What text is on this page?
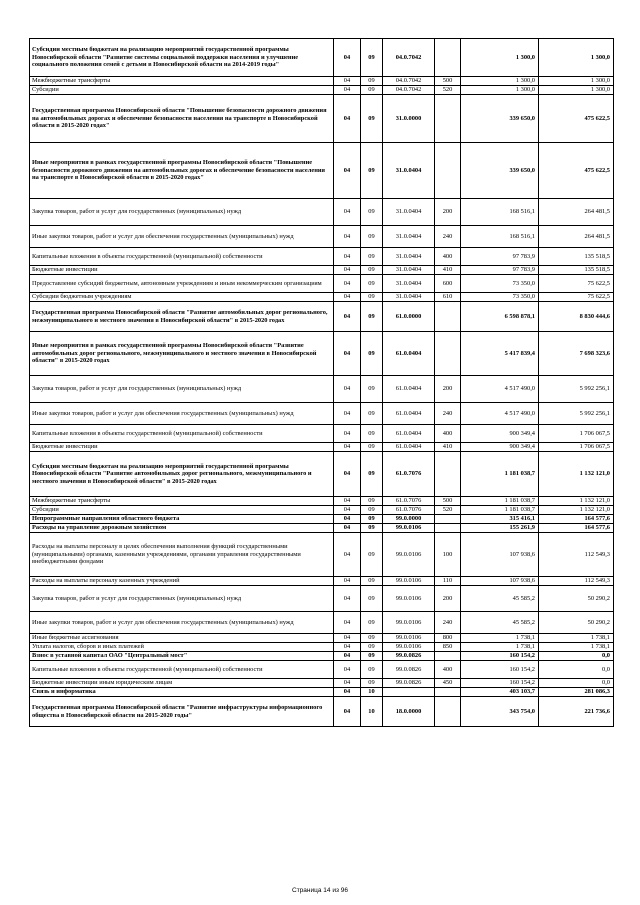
Субсидии местным бюджетам на реализацию мероприятий государственной программы Новосибирской области "Развитие системы социальной поддержки населения и улучшение социального положения семей с детьми в Новосибирской области на 2014-2019 годы"	04	09	04.0.7042		1 300,0	1 300,0
Межбюджетные трансферты	04	09	04.0.7042	500	1 300,0	1 300,0
Субсидии	04	09	04.0.7042	520	1 300,0	1 300,0
Государственная программа Новосибирской области "Повышение безопасности дорожного движения на автомобильных дорогах и обеспечение безопасности населения на транспорте в Новосибирской области в 2015-2020 годах"	04	09	31.0.0000		339 650,0	475 622,5
Иные мероприятия в рамках государственной программы Новосибирской области "Повышение безопасности дорожного движения на автомобильных дорогах и обеспечение безопасности населения на транспорте в Новосибирской области в 2015-2020 годах"	04	09	31.0.0404		339 650,0	475 622,5
Закупка товаров, работ и услуг для государственных (муниципальных) нужд	04	09	31.0.0404	200	168 516,1	264 481,5
Иные закупки товаров, работ и услуг для обеспечения государственных (муниципальных) нужд	04	09	31.0.0404	240	168 516,1	264 481,5
Капитальные вложения в объекты государственной (муниципальной) собственности	04	09	31.0.0404	400	97 783,9	135 518,5
Бюджетные инвестиции	04	09	31.0.0404	410	97 783,9	135 518,5
Предоставление субсидий бюджетным, автономным учреждениям и иным некоммерческим организациям	04	09	31.0.0404	600	73 350,0	75 622,5
Субсидии бюджетным учреждениям	04	09	31.0.0404	610	73 350,0	75 622,5
Государственная программа Новосибирской области "Развитие автомобильных дорог регионального, межмуниципального и местного значения в Новосибирской области" в 2015-2020 годах	04	09	61.0.0000		6 598 878,1	8 830 444,6
Иные мероприятия в рамках государственной программы Новосибирской области "Развитие автомобильных дорог регионального, межмуниципального и местного значения в Новосибирской области" в 2015-2020 годах	04	09	61.0.0404		5 417 839,4	7 698 323,6
Закупка товаров, работ и услуг для государственных (муниципальных) нужд	04	09	61.0.0404	200	4 517 490,0	5 992 256,1
Иные закупки товаров, работ и услуг для обеспечения государственных (муниципальных) нужд	04	09	61.0.0404	240	4 517 490,0	5 992 256,1
Капитальные вложения в объекты государственной (муниципальной) собственности	04	09	61.0.0404	400	900 349,4	1 706 067,5
Бюджетные инвестиции	04	09	61.0.0404	410	900 349,4	1 706 067,5
Субсидии местным бюджетам на реализацию мероприятий государственной программы Новосибирской области "Развитие автомобильных дорог регионального, межмуниципального и местного значения в Новосибирской области" в 2015-2020 годах	04	09	61.0.7076		1 181 038,7	1 132 121,0
Межбюджетные трансферты	04	09	61.0.7076	500	1 181 038,7	1 132 121,0
Субсидии	04	09	61.0.7076	520	1 181 038,7	1 132 121,0
Непрограммные направления областного бюджета	04	09	99.0.0000		315 416,1	164 577,6
Расходы на управление дорожным хозяйством	04	09	99.0.0106		155 261,9	164 577,6
Расходы на выплаты персоналу в целях обеспечения выполнения функций государственными (муниципальными) органами, казенными учреждениями, органами управления государственными внебюджетными фондами	04	09	99.0.0106	100	107 938,6	112 549,3
Расходы на выплаты персоналу казенных учреждений	04	09	99.0.0106	110	107 938,6	112 549,3
Закупка товаров, работ и услуг для государственных (муниципальных) нужд	04	09	99.0.0106	200	45 585,2	50 290,2
Иные закупки товаров, работ и услуг для обеспечения государственных (муниципальных) нужд	04	09	99.0.0106	240	45 585,2	50 290,2
Иные бюджетные ассигнования	04	09	99.0.0106	800	1 738,1	1 738,1
Уплата налогов, сборов и иных платежей	04	09	99.0.0106	850	1 738,1	1 738,1
Взнос в уставной капитал ОАО "Центральный мост"	04	09	99.0.0826		160 154,2	0,0
Капитальные вложения в объекты государственной (муниципальной) собственности	04	09	99.0.0826	400	160 154,2	0,0
Бюджетные инвестиции иным юридическим лицам	04	09	99.0.0826	450	160 154,2	0,0
Связь и информатика	04	10			403 103,7	281 086,3
Государственная программа Новосибирской области "Развитие инфраструктуры информационного общества в Новосибирской области на 2015-2020 годы"	04	10	18.0.0000		343 754,0	221 736,6
Страница 14 из 96
